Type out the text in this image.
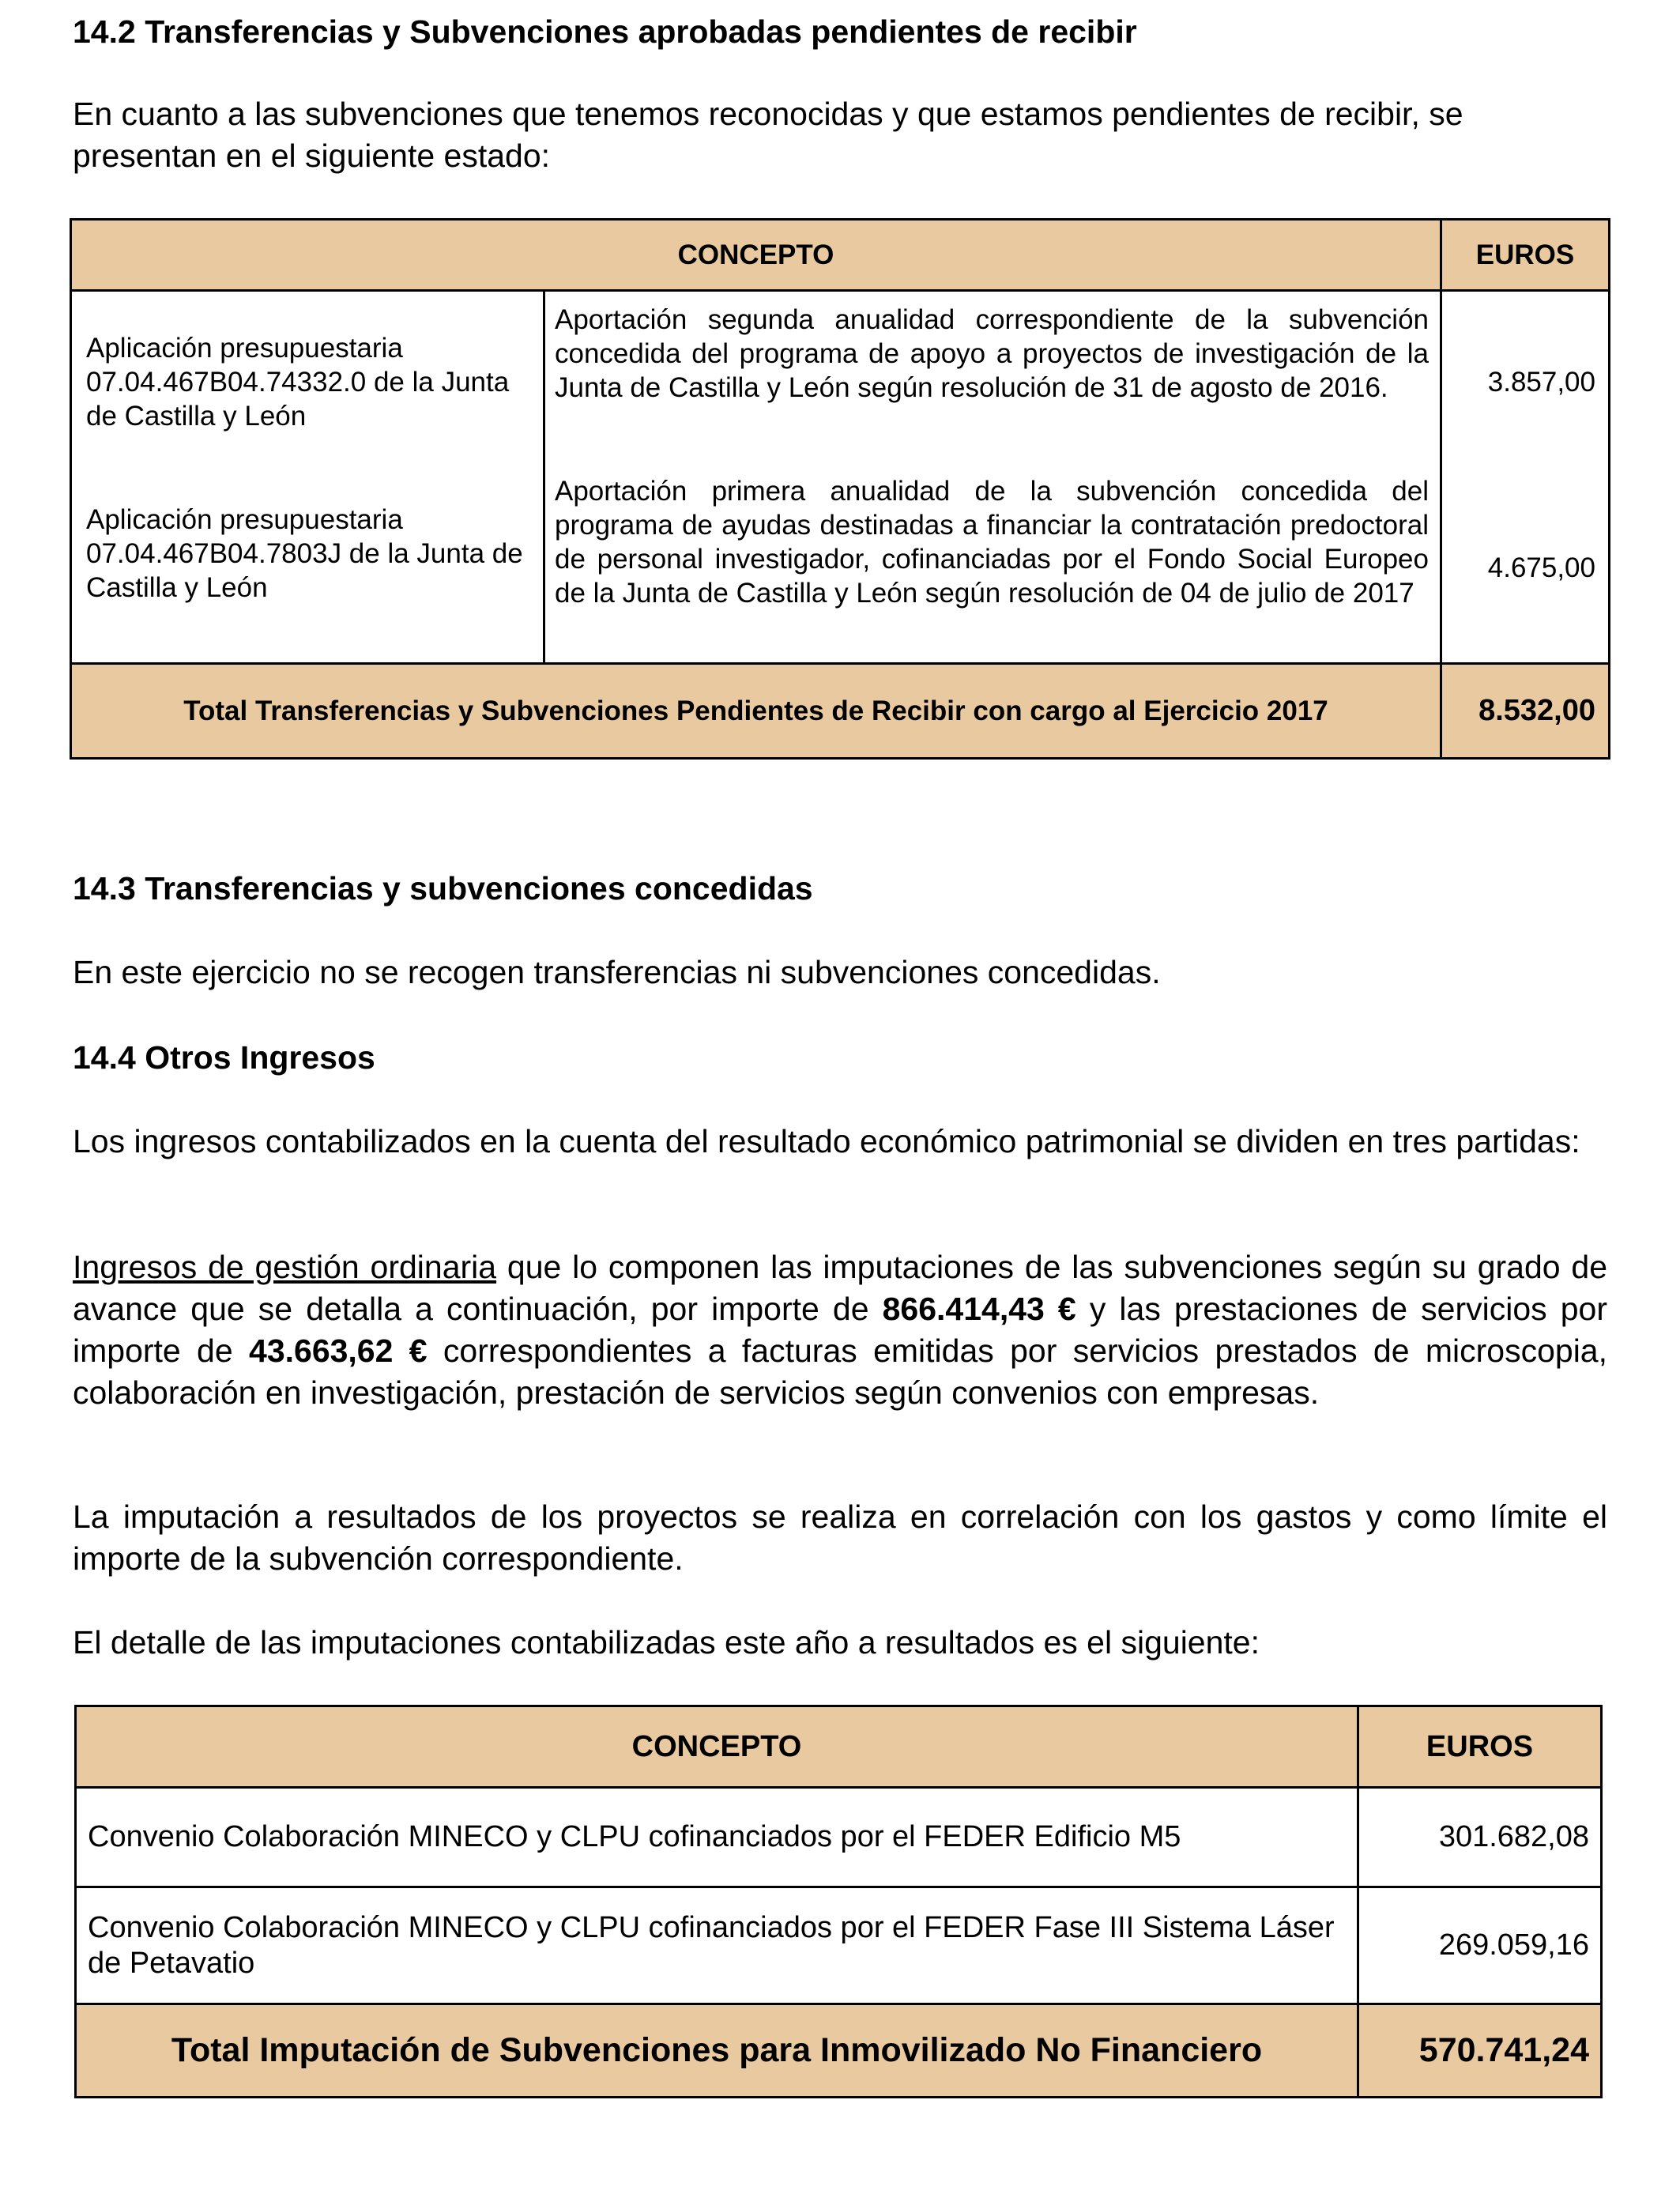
14.2 Transferencias y Subvenciones aprobadas pendientes de recibir

En cuanto a las subvenciones que tenemos reconocidas y que estamos pendientes de recibir, se presentan en el siguiente estado:

CONCEPTO		EUROS
Aplicación presupuestaria 07.04.467B04.74332.0 de la Junta de Castilla y León	Aportación segunda anualidad correspondiente de la subvención concedida del programa de apoyo a proyectos de investigación de la Junta de Castilla y León según resolución de 31 de agosto de 2016.	3.857,00
Aplicación presupuestaria 07.04.467B04.7803J de la Junta de Castilla y León	Aportación primera anualidad de la subvención concedida del programa de ayudas destinadas a financiar la contratación predoctoral de personal investigador, cofinanciadas por el Fondo Social Europeo de la Junta de Castilla y León según resolución de 04 de julio de 2017	4.675,00
Total Transferencias y Subvenciones Pendientes de Recibir con cargo al Ejercicio 2017		8.532,00
14.3 Transferencias y subvenciones concedidas

En este ejercicio no se recogen transferencias ni subvenciones concedidas.

14.4 Otros Ingresos

Los ingresos contabilizados en la cuenta del resultado económico patrimonial se dividen en tres partidas:

Ingresos de gestión ordinaria que lo componen las imputaciones de las subvenciones según su grado de avance que se detalla a continuación, por importe de 866.414,43 € y las prestaciones de servicios por importe de 43.663,62 € correspondientes a facturas emitidas por servicios prestados de microscopia, colaboración en investigación, prestación de servicios según convenios con empresas.

La imputación a resultados de los proyectos se realiza en correlación con los gastos y como límite el importe de la subvención correspondiente.

El detalle de las imputaciones contabilizadas este año a resultados es el siguiente:

CONCEPTO	EUROS
Convenio Colaboración MINECO y CLPU cofinanciados por el FEDER Edificio M5	301.682,08
Convenio Colaboración MINECO y CLPU cofinanciados por el FEDER Fase III Sistema Láser de Petavatio	269.059,16
Total Imputación de Subvenciones para Inmovilizado No Financiero	570.741,24
